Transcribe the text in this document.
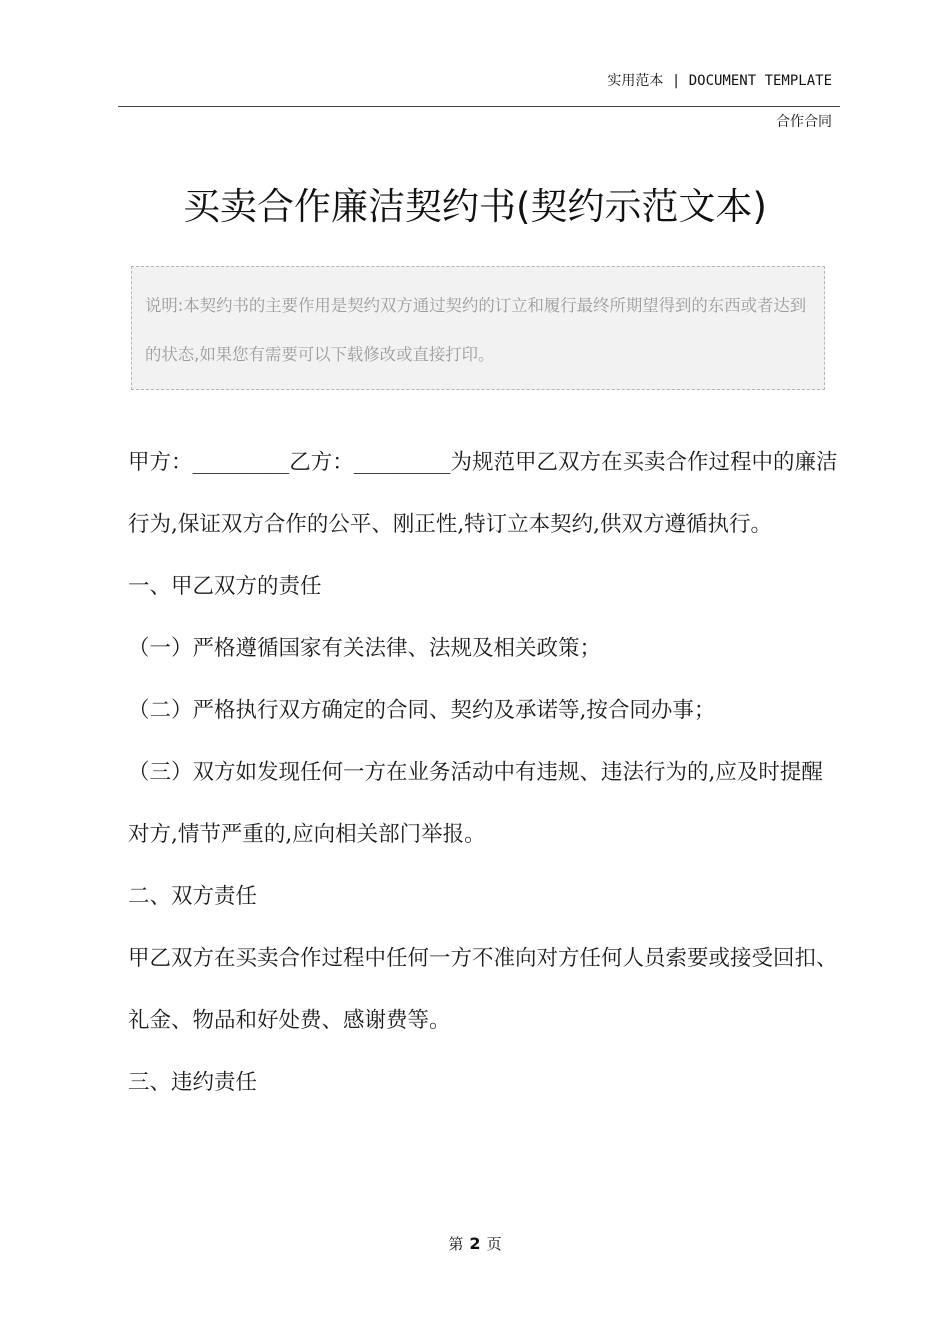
实用范本 | DOCUMENT TEMPLATE
合作合同
买卖合作廉洁契约书(契约示范文本)
说明:本契约书的主要作用是契约双方通过契约的订立和履行最终所期望得到的东西或者达到的状态,如果您有需要可以下载修改或直接打印。

甲方：_________乙方：_________为规范甲乙双方在买卖合作过程中的廉洁行为,保证双方合作的公平、刚正性,特订立本契约,供双方遵循执行。

一、甲乙双方的责任

（一）严格遵循国家有关法律、法规及相关政策；

（二）严格执行双方确定的合同、契约及承诺等,按合同办事；

（三）双方如发现任何一方在业务活动中有违规、违法行为的,应及时提醒对方,情节严重的,应向相关部门举报。

二、双方责任

甲乙双方在买卖合作过程中任何一方不准向对方任何人员索要或接受回扣、礼金、物品和好处费、感谢费等。

三、违约责任

第 2 页
